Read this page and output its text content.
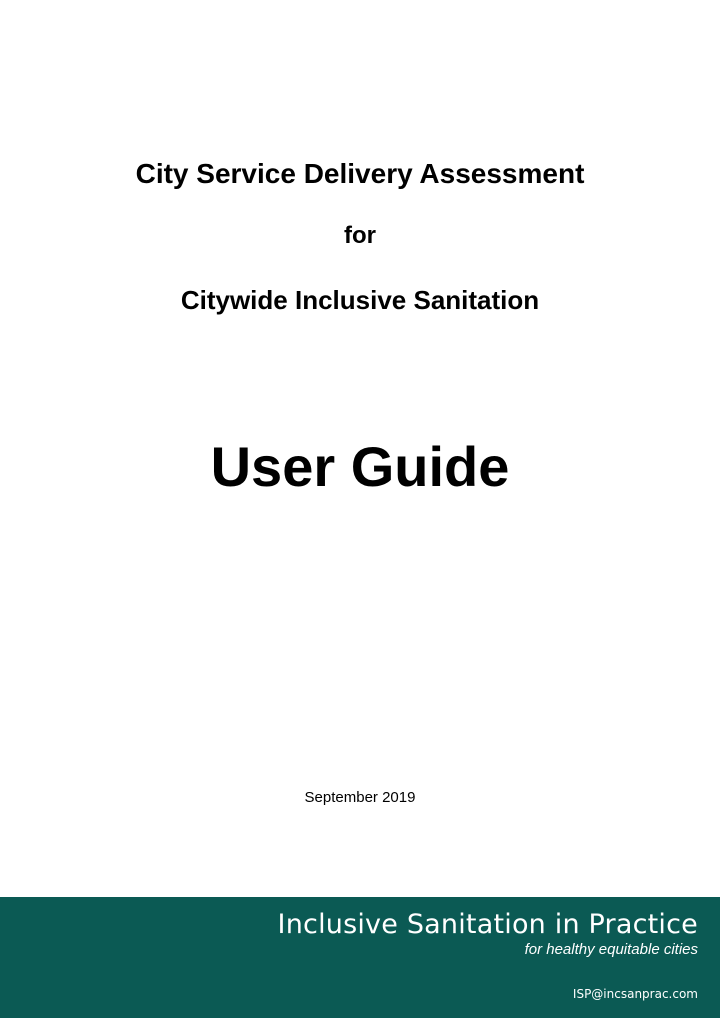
City Service Delivery Assessment
for
Citywide Inclusive Sanitation
User Guide
September 2019
Inclusive Sanitation in Practice
for healthy equitable cities
ISP@incsanprac.com
